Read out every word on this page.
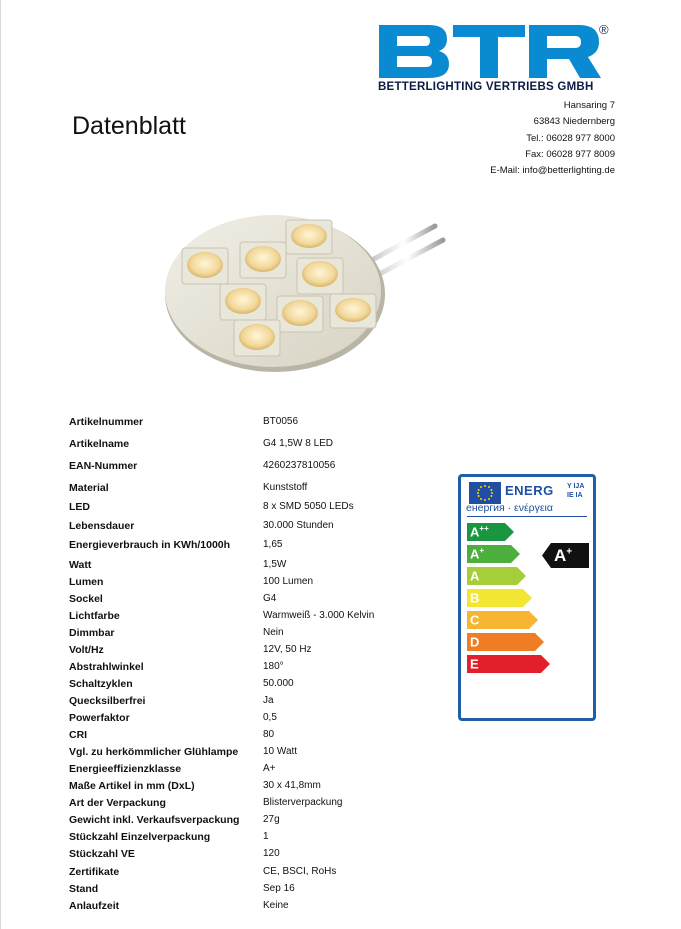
®
BETTERLIGHTING VERTRIEBS GMBH
Hansaring 7
63843 Niedernberg
Tel.: 06028 977 8000
Fax: 06028 977 8009
E-Mail: info@betterlighting.de
Datenblatt
Artikelnummer	BT0056
Artikelname	G4 1,5W 8 LED
EAN-Nummer	4260237810056
Material	Kunststoff
LED	8 x SMD 5050 LEDs
Lebensdauer	30.000 Stunden
Energieverbrauch in KWh/1000h	1,65
Watt	1,5W
Lumen	100 Lumen
Sockel	G4
Lichtfarbe	Warmweiß - 3.000 Kelvin
Dimmbar	Nein
Volt/Hz	12V, 50 Hz
Abstrahlwinkel	180°
Schaltzyklen	50.000
Quecksilberfrei	Ja
Powerfaktor	0,5
CRI	80
Vgl. zu herkömmlicher Glühlampe 10 Watt
Energieeffizienzklasse	A+
Maße Artikel in mm (DxL)	30 x 41,8mm
Art der Verpackung	Blisterverpackung
Gewicht inkl. Verkaufsverpackung 27g
Stückzahl Einzelverpackung	1
Stückzahl VE	120
Zertifikate	CE, BSCI, RoHs
Stand	Sep 16
Anlaufzeit	Keine
ENERG Y IJA
IE IA
енергия · ενέργεια
A++
A+
A
B
C
D
E
A+
